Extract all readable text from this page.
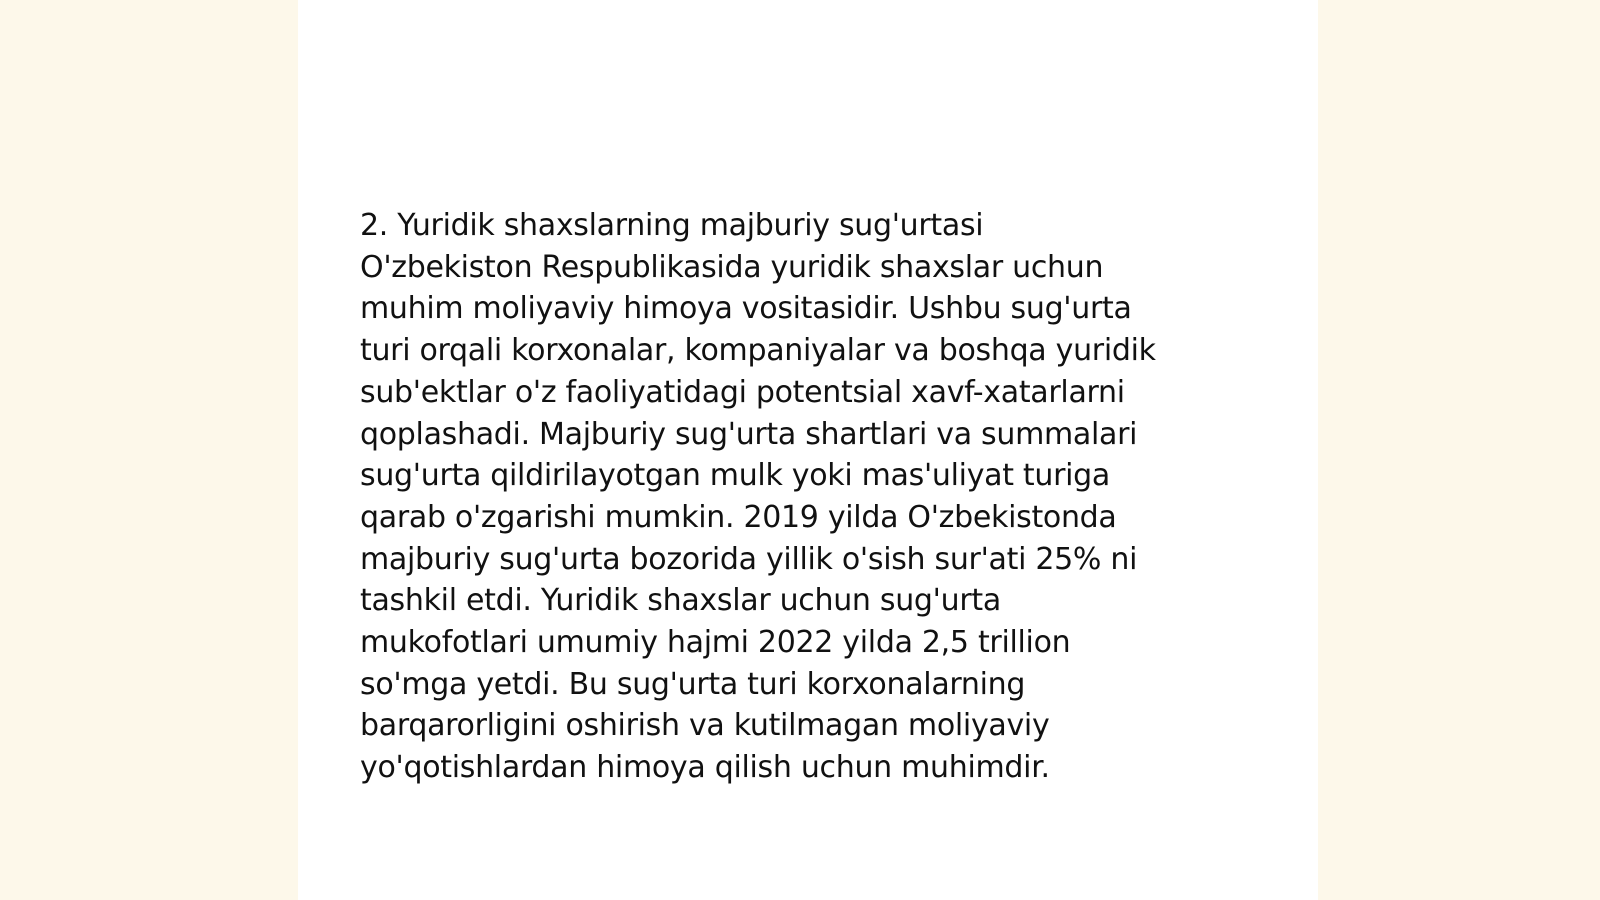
2. Yuridik shaxslarning majburiy sug'urtasi
O'zbekiston Respublikasida yuridik shaxslar uchun
muhim moliyaviy himoya vositasidir. Ushbu sug'urta
turi orqali korxonalar, kompaniyalar va boshqa yuridik
sub'ektlar o'z faoliyatidagi potentsial xavf-xatarlarni
qoplashadi. Majburiy sug'urta shartlari va summalari
sug'urta qildirilayotgan mulk yoki mas'uliyat turiga
qarab o'zgarishi mumkin. 2019 yilda O'zbekistonda
majburiy sug'urta bozorida yillik o'sish sur'ati 25% ni
tashkil etdi. Yuridik shaxslar uchun sug'urta
mukofotlari umumiy hajmi 2022 yilda 2,5 trillion
so'mga yetdi. Bu sug'urta turi korxonalarning
barqarorligini oshirish va kutilmagan moliyaviy
yo'qotishlardan himoya qilish uchun muhimdir.
